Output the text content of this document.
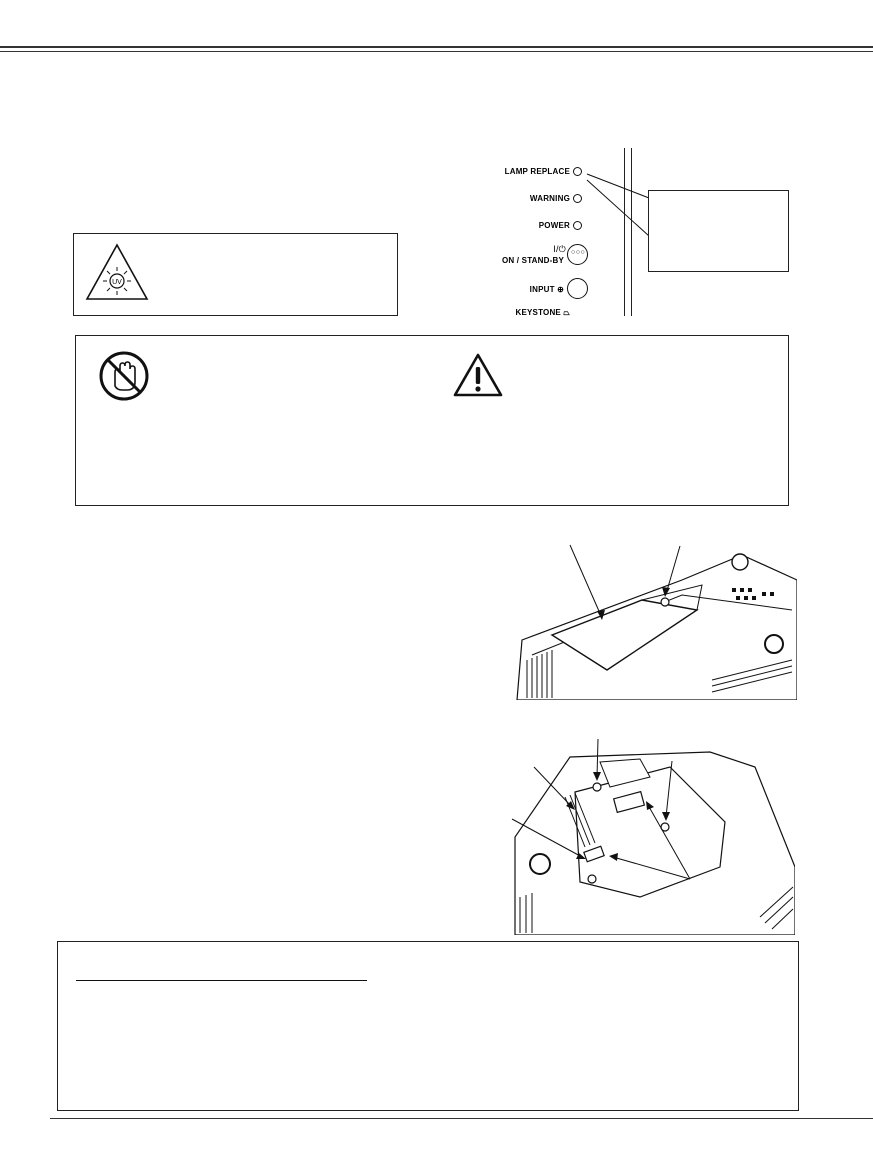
LAMP REPLACE
WARNING
POWER
I/⏻
ON / STAND-BY
○○○
INPUT ⊕
KEYSTONE ⏢
UV
